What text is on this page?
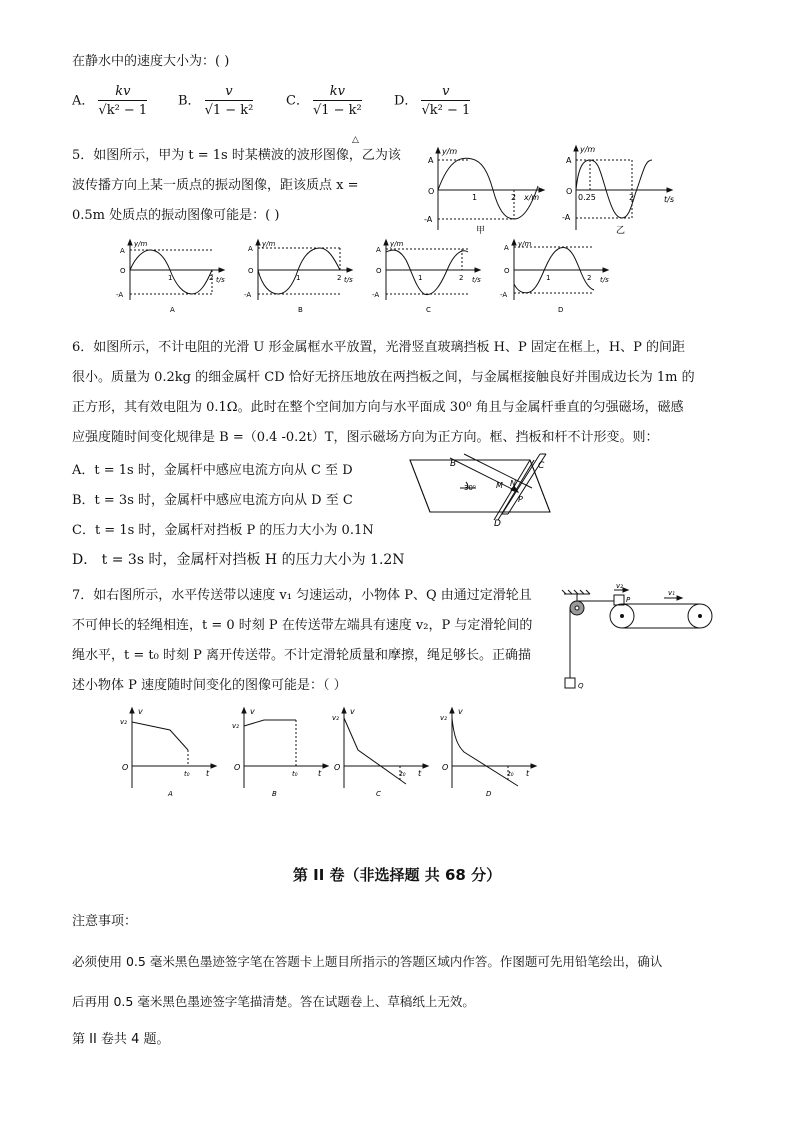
在静水中的速度大小为：( )
A． $\frac{kv}{\text{√k² − 1}}$ B． $\frac{v}{\text{√1 − k²}}$	C． $\frac{kv}{\text{√1 − k²}}$ D． $\frac{v}{\text{√k² − 1}}$
5．如图所示，甲为 t = 1s 时某横波的波形图像，乙为该
△
波传播方向上某一质点的振动图像，距该质点 x =
0.5m 处质点的振动图像可能是：( )
y/m
A
O
-A
1	2 x/m
甲
y/m
A
O
-A
0.25	2	t/s
乙
y/m
A
O
-A
1	2 t/s
A
y/m
A
O
-A
1	2 t/s
B
y/m
A
O
-A
1	2 t/s
C
y/m
A
O
-A
1	2 t/s
D
6．如图所示，不计电阻的光滑 U 形金属框水平放置，光滑竖直玻璃挡板 H、P 固定在框上，H、P 的间距
很小。质量为 0.2kg 的细金属杆 CD 恰好无挤压地放在两挡板之间，与金属框接触良好并围成边长为 1m 的
正方形，其有效电阻为 0.1Ω。此时在整个空间加方向与水平面成 30⁰ 角且与金属杆垂直的匀强磁场，磁感
应强度随时间变化规律是 B =（0.4 -0.2t）T，图示磁场方向为正方向。框、挡板和杆不计形变。则：
A．t = 1s 时，金属杆中感应电流方向从 C 至 D
B．t = 3s 时，金属杆中感应电流方向从 D 至 C
C．t = 1s 时，金属杆对挡板 P 的压力大小为 0.1N
D． t = 3s 时，金属杆对挡板 H 的压力大小为 1.2N
B
30⁰	M N
P
C
D
7．如右图所示，水平传送带以速度 v₁ 匀速运动，小物体 P、Q 由通过定滑轮且
不可伸长的轻绳相连，t = 0 时刻 P 在传送带左端具有速度 v₂，P 与定滑轮间的
绳水平，t = t₀ 时刻 P 离开传送带。不计定滑轮质量和摩擦，绳足够长。正确描
述小物体 P 速度随时间变化的图像可能是：（ ）
v₂
P
v₁
Q
v
v₂
O
t₀ t
A
v
v₂
O
t₀	t
B
v
v₂
O
t₀ t
C
v
v₂
O
t₀ t
D
第 II 卷（非选择题 共 68 分）
注意事项：
必须使用 0.5 毫米黑色墨迹签字笔在答题卡上题目所指示的答题区域内作答。作图题可先用铅笔绘出，确认
后再用 0.5 毫米黑色墨迹签字笔描清楚。答在试题卷上、草稿纸上无效。
第 II 卷共 4 题。
